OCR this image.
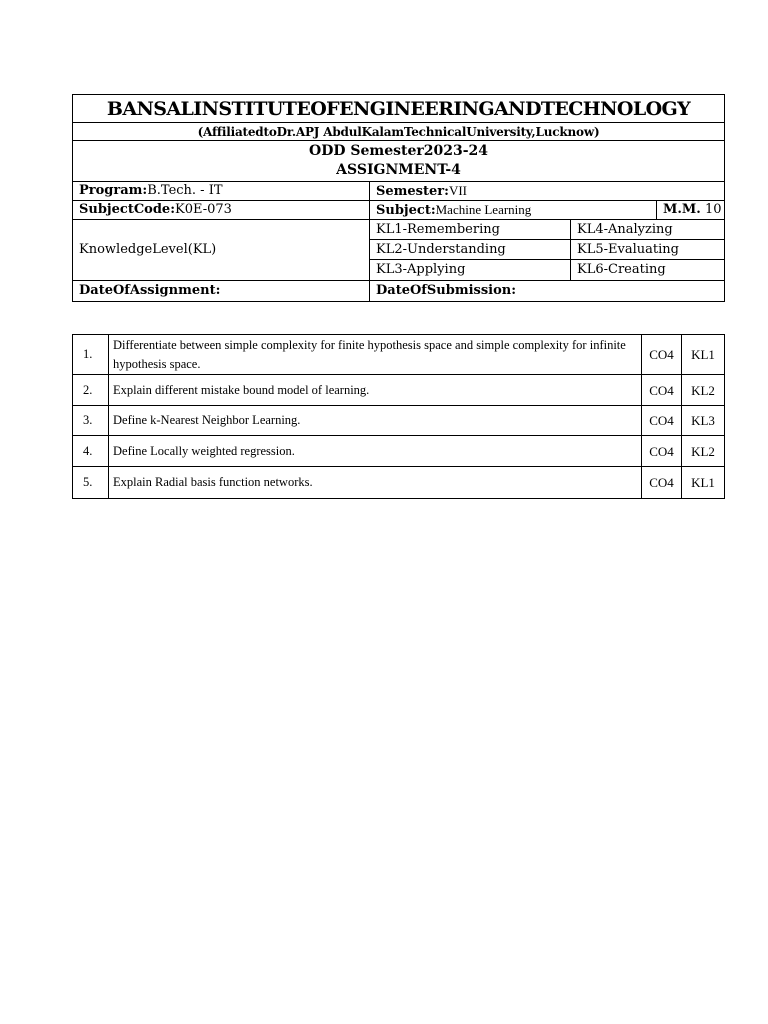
BANSALINSTITUTEOFENGINEERINGANDTECHNOLOGY			
(AffiliatedtoDr.APJ AbdulKalamTechnicalUniversity,Lucknow)			

ODD Semester2023-24
ASSIGNMENT-4			

Program:B.Tech. - IT	Semester:VII		
SubjectCode:K0E-073	Subject:Machine Learning		M.M. 10
KnowledgeLevel(KL)	KL1-Remembering	KL4-Analyzing	
	KL2-Understanding	KL5-Evaluating	
	KL3-Applying	KL6-Creating	
DateOfAssignment:	DateOfSubmission:		
1.	Differentiate between simple complexity for finite hypothesis space and simple complexity for infinite hypothesis space.	CO4	KL1
2.	Explain different mistake bound model of learning.	CO4	KL2
3.	Define k-Nearest Neighbor Learning.	CO4	KL3
4.	Define Locally weighted regression.	CO4	KL2
5.	Explain Radial basis function networks.	CO4	KL1
